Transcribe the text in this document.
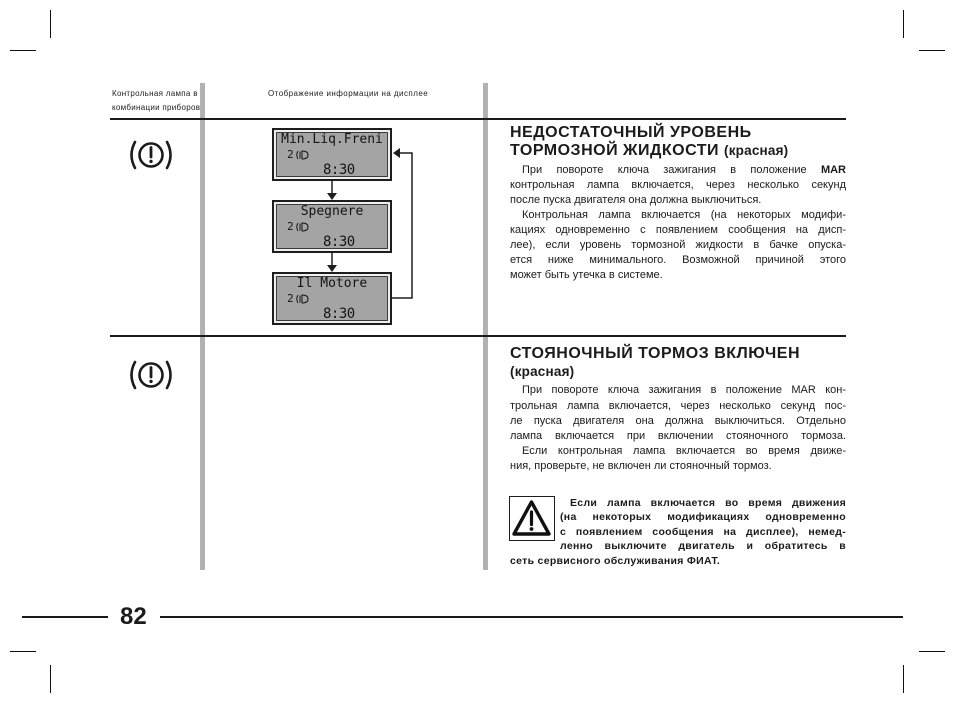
Контрольная лампа в
комбинации приборов
Отображение информации на дисплее
Min.Liq.Freni
2
8:30
Spegnere
2
8:30
Il Motore
2
8:30
НЕДОСТАТОЧНЫЙ УРОВЕНЬ
ТОРМОЗНОЙ ЖИДКОСТИ (красная)
При повороте ключа зажигания в положение MAR
контрольная лампа включается, через несколько секунд
после пуска двигателя она должна выключиться.
Контрольная лампа включается (на некоторых модифи-
кациях одновременно с появлением сообщения на дисп-
лее), если уровень тормозной жидкости в бачке опуска-
ется ниже минимального. Возможной причиной этого
может быть утечка в системе.
СТОЯНОЧНЫЙ ТОРМОЗ ВКЛЮЧЕН
(красная)
При повороте ключа зажигания в положение MAR кон-
трольная лампа включается, через несколько секунд пос-
ле пуска двигателя она должна выключиться. Отдельно
лампа включается при включении стояночного тормоза.
Если контрольная лампа включается во время движе-
ния, проверьте, не включен ли стояночный тормоз.
Если лампа включается во время движения
(на некоторых модификациях одновременно
с появлением сообщения на дисплее), немед-
ленно выключите двигатель и обратитесь в
сеть сервисного обслуживания ФИАТ.
82
